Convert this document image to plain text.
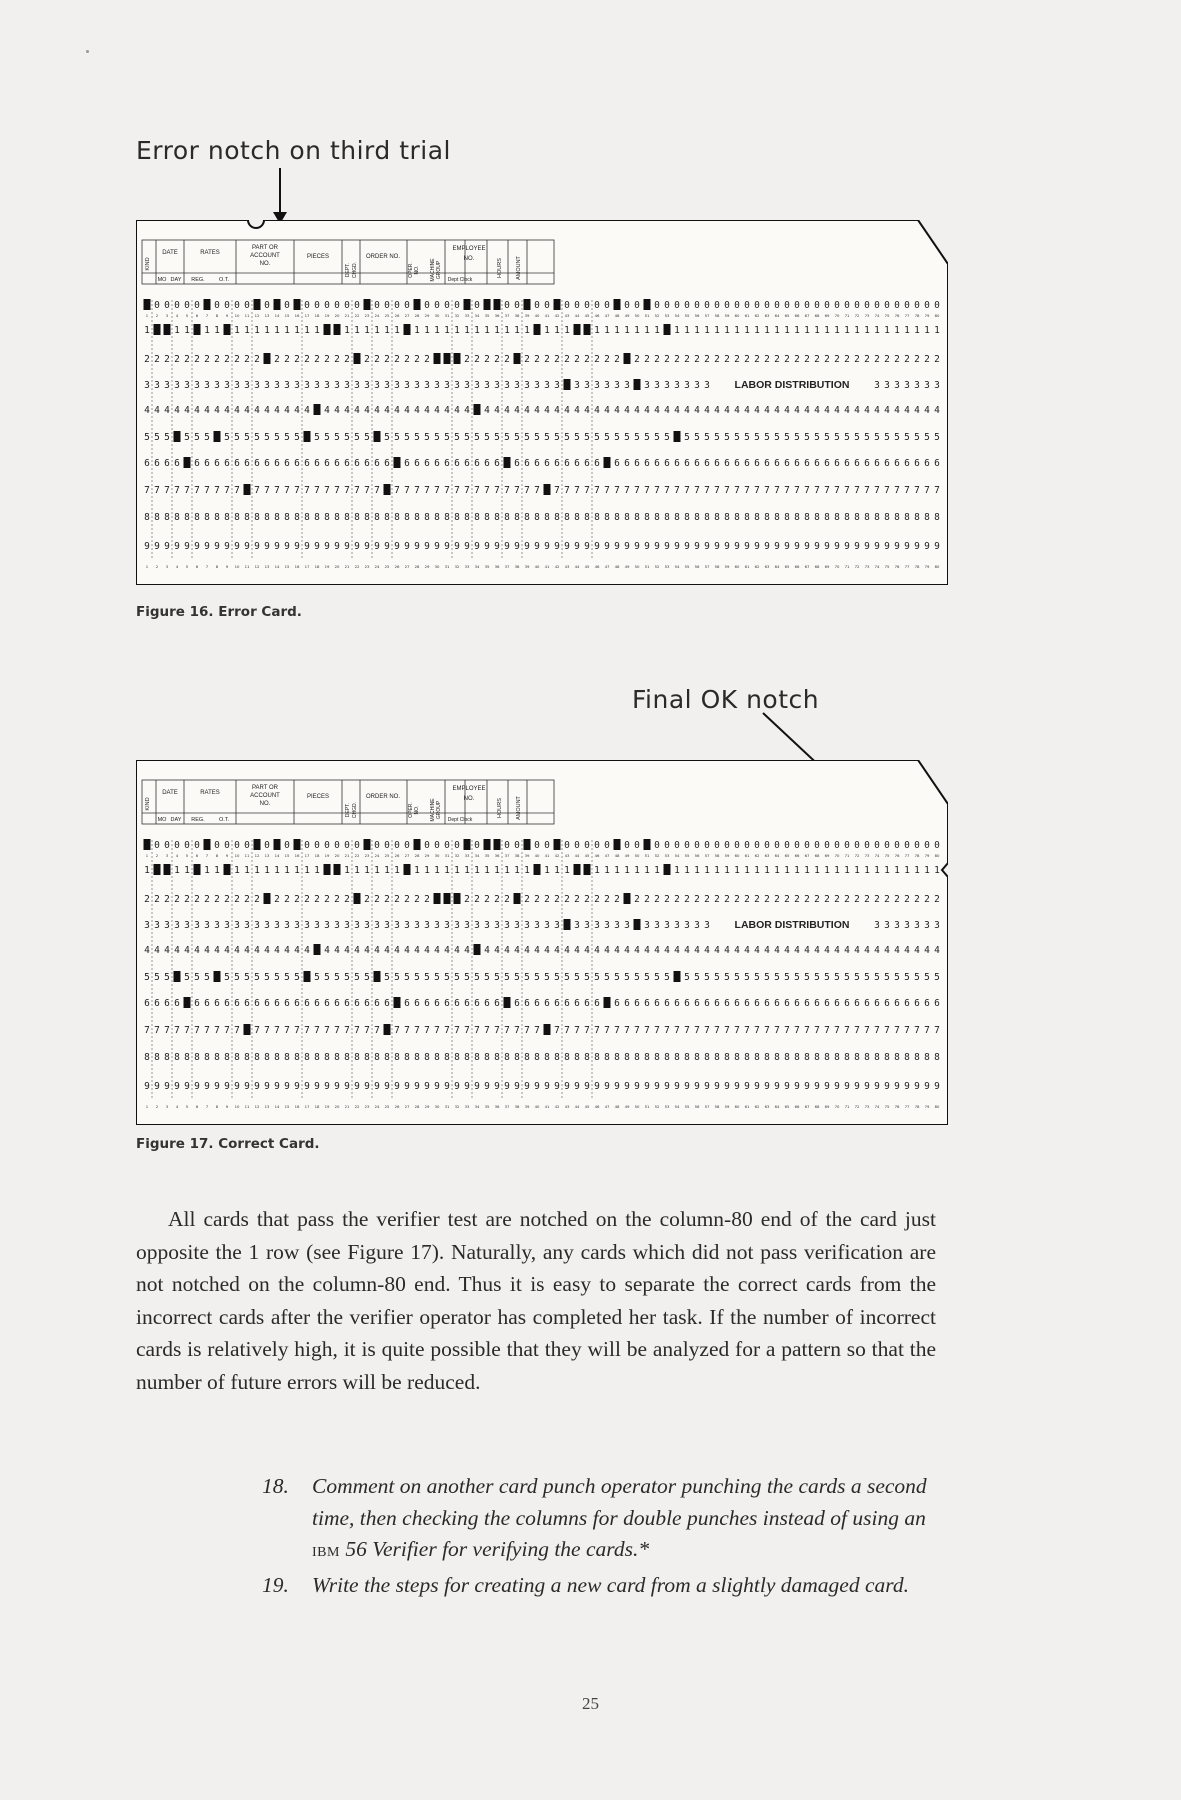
Error notch on third trial
KIND
DATE
MO DAY
RATES
REG.	O.T.
PART OR
ACCOUNT
NO.
PIECES
DEPT. CHGD.
ORDER NO.
OPER. NO. MACHINE GROUP
EMPLOYEE
NO.
Dept Clock
HOURS AMOUNT
0 0 0 0 0 0 0 0 0 0 0 0 0 0 0 0 0 0 0 0 0 0 0 0 0 0	0 0 0 0 0 0 0 0 0 0 0 0 0 0 0 0 0 0 0 0 0 0 0 0 0 0 0 0 0 0 0 0 0 0 0 0 0 0 0 0
1	1 1 1 1 1 1 1 1 1 1 1 1 1	1 1 1 1 1 1 1 1 1 1 1 1 1 1 1 1 1 1 1 1 1	1 1 1 1 1 1 1 1 1 1 1 1 1 1 1 1 1 1 1 1 1 1 1 1 1 1 1 1 1 1 1 1 1 1
2 2 2 2 2 2 2 2 2 2 2 2 2 2 2 2 2 2 2 2 2 2 2 2 2 2 2	2 2 2 2 2 2 2 2 2 2 2 2 2 2 2 2 2 2 2 2 2 2 2 2 2 2 2 2 2 2 2 2 2 2 2 2 2 2 2 2 2 2 2 2 2 2
3 3 3 3 3 3 3 3 3 3 3 3 3 3 3 3 3 3 3 3 3 3 3 3 3 3 3 3 3 3 3 3 3 3 3 3 3 3 3 3 3 3 3 3 3 3 3 3 3 3 3 3 3 3 3	3 3 3 3 3 3 3
4 4 4 4 4 4 4 4 4 4 4 4 4 4 4 4 4 4 4 4 4 4 4 4 4 4 4 4 4 4 4 4 4 4 4 4 4 4 4 4 4 4 4 4 4 4 4 4 4 4 4 4 4 4 4 4 4 4 4 4 4 4 4 4 4 4 4 4 4 4 4 4 4 4 4 4 4 4
5 5 5 5 5 5 5 5 5 5 5 5 5 5 5 5 5 5 5 5 5 5 5 5 5 5 5 5 5 5 5 5 5 5 5 5 5 5 5 5 5 5 5 5 5 5 5 5 5 5 5 5 5 5 5 5 5 5 5 5 5 5 5 5 5 5 5 5 5 5 5 5 5 5 5
6 6 6 6 6 6 6 6 6 6 6 6 6 6 6 6 6 6 6 6 6 6 6 6 6 6 6 6 6 6 6 6 6 6 6 6 6 6 6 6 6 6 6 6 6 6 6 6 6 6 6 6 6 6 6 6 6 6 6 6 6 6 6 6 6 6 6 6 6 6 6 6 6 6 6 6
7 7 7 7 7 7 7 7 7 7 7 7 7 7 7 7 7 7 7 7 7 7 7 7 7 7 7 7 7 7 7 7 7 7 7 7 7 7 7 7 7 7 7 7 7 7 7 7 7 7 7 7 7 7 7 7 7 7 7 7 7 7 7 7 7 7 7 7 7 7 7 7 7 7 7 7 7
8 8 8 8 8 8 8 8 8 8 8 8 8 8 8 8 8 8 8 8 8 8 8 8 8 8 8 8 8 8 8 8 8 8 8 8 8 8 8 8 8 8 8 8 8 8 8 8 8 8 8 8 8 8 8 8 8 8 8 8 8 8 8 8 8 8 8 8 8 8 8 8 8 8 8 8 8 8 8 8
9 9 9 9 9 9 9 9 9 9 9 9 9 9 9 9 9 9 9 9 9 9 9 9 9 9 9 9 9 9 9 9 9 9 9 9 9 9 9 9 9 9 9 9 9 9 9 9 9 9 9 9 9 9 9 9 9 9 9 9 9 9 9 9 9 9 9 9 9 9 9 9 9 9 9 9 9 9 9 9
LABOR DISTRIBUTION
1 2 3 4 5 6 7 8 9 10 11 12 13 14 15 16 17 18 19 20 21 22 23 24 25 26 27 28 29 30 31 32 33 34 35 36 37 38 39 40 41 42 43 44 45 46 47 48 49 50 51 52 53 54 55 56 57 58 59 60 61 62 63 64 65 66 67 68 69 70 71 72 73 74 75 76 77 78 79 80
1 2 3 4 5 6 7 8 9 10 11 12 13 14 15 16 17 18 19 20 21 22 23 24 25 26 27 28 29 30 31 32 33 34 35 36 37 38 39 40 41 42 43 44 45 46 47 48 49 50 51 52 53 54 55 56 57 58 59 60 61 62 63 64 65 66 67 68 69 70 71 72 73 74 75 76 77 78 79 80
Figure 16. Error Card.
Final OK notch
KIND
DATE
MO DAY
RATES
REG.	O.T.
PART OR
ACCOUNT
NO.
PIECES
DEPT. CHGD.
ORDER NO.
OPER. NO. MACHINE GROUP
EMPLOYEE
NO.
Dept Clock
HOURS AMOUNT
0 0 0 0 0 0 0 0 0 0 0 0 0 0 0 0 0 0 0 0 0 0 0 0 0 0	0 0 0 0 0 0 0 0 0 0 0 0 0 0 0 0 0 0 0 0 0 0 0 0 0 0 0 0 0 0 0 0 0 0 0 0 0 0 0 0
1	1 1 1 1 1 1 1 1 1 1 1 1 1	1 1 1 1 1 1 1 1 1 1 1 1 1 1 1 1 1 1 1 1 1	1 1 1 1 1 1 1 1 1 1 1 1 1 1 1 1 1 1 1 1 1 1 1 1 1 1 1 1 1 1 1 1 1 1
2 2 2 2 2 2 2 2 2 2 2 2 2 2 2 2 2 2 2 2 2 2 2 2 2 2 2	2 2 2 2 2 2 2 2 2 2 2 2 2 2 2 2 2 2 2 2 2 2 2 2 2 2 2 2 2 2 2 2 2 2 2 2 2 2 2 2 2 2 2 2 2 2
3 3 3 3 3 3 3 3 3 3 3 3 3 3 3 3 3 3 3 3 3 3 3 3 3 3 3 3 3 3 3 3 3 3 3 3 3 3 3 3 3 3 3 3 3 3 3 3 3 3 3 3 3 3 3	3 3 3 3 3 3 3
4 4 4 4 4 4 4 4 4 4 4 4 4 4 4 4 4 4 4 4 4 4 4 4 4 4 4 4 4 4 4 4 4 4 4 4 4 4 4 4 4 4 4 4 4 4 4 4 4 4 4 4 4 4 4 4 4 4 4 4 4 4 4 4 4 4 4 4 4 4 4 4 4 4 4 4 4 4
5 5 5 5 5 5 5 5 5 5 5 5 5 5 5 5 5 5 5 5 5 5 5 5 5 5 5 5 5 5 5 5 5 5 5 5 5 5 5 5 5 5 5 5 5 5 5 5 5 5 5 5 5 5 5 5 5 5 5 5 5 5 5 5 5 5 5 5 5 5 5 5 5 5 5
6 6 6 6 6 6 6 6 6 6 6 6 6 6 6 6 6 6 6 6 6 6 6 6 6 6 6 6 6 6 6 6 6 6 6 6 6 6 6 6 6 6 6 6 6 6 6 6 6 6 6 6 6 6 6 6 6 6 6 6 6 6 6 6 6 6 6 6 6 6 6 6 6 6 6 6
7 7 7 7 7 7 7 7 7 7 7 7 7 7 7 7 7 7 7 7 7 7 7 7 7 7 7 7 7 7 7 7 7 7 7 7 7 7 7 7 7 7 7 7 7 7 7 7 7 7 7 7 7 7 7 7 7 7 7 7 7 7 7 7 7 7 7 7 7 7 7 7 7 7 7 7 7
8 8 8 8 8 8 8 8 8 8 8 8 8 8 8 8 8 8 8 8 8 8 8 8 8 8 8 8 8 8 8 8 8 8 8 8 8 8 8 8 8 8 8 8 8 8 8 8 8 8 8 8 8 8 8 8 8 8 8 8 8 8 8 8 8 8 8 8 8 8 8 8 8 8 8 8 8 8 8 8
9 9 9 9 9 9 9 9 9 9 9 9 9 9 9 9 9 9 9 9 9 9 9 9 9 9 9 9 9 9 9 9 9 9 9 9 9 9 9 9 9 9 9 9 9 9 9 9 9 9 9 9 9 9 9 9 9 9 9 9 9 9 9 9 9 9 9 9 9 9 9 9 9 9 9 9 9 9 9 9
LABOR DISTRIBUTION
1 2 3 4 5 6 7 8 9 10 11 12 13 14 15 16 17 18 19 20 21 22 23 24 25 26 27 28 29 30 31 32 33 34 35 36 37 38 39 40 41 42 43 44 45 46 47 48 49 50 51 52 53 54 55 56 57 58 59 60 61 62 63 64 65 66 67 68 69 70 71 72 73 74 75 76 77 78 79 80
1 2 3 4 5 6 7 8 9 10 11 12 13 14 15 16 17 18 19 20 21 22 23 24 25 26 27 28 29 30 31 32 33 34 35 36 37 38 39 40 41 42 43 44 45 46 47 48 49 50 51 52 53 54 55 56 57 58 59 60 61 62 63 64 65 66 67 68 69 70 71 72 73 74 75 76 77 78 79 80
Figure 17. Correct Card.

All cards that pass the verifier test are notched on the column-80 end of the card just opposite the 1 row (see Figure 17). Naturally, any cards which did not pass verification are not notched on the column-80 end. Thus it is easy to separate the correct cards from the incorrect cards after the verifier operator has completed her task. If the number of incorrect cards is relatively high, it is quite possible that they will be analyzed for a pattern so that the number of future errors will be reduced.

18. Comment on another card punch operator punching the cards a second time, then checking the columns for double punches instead of using an IBM 56 Verifier for verifying the cards.*
19. Write the steps for creating a new card from a slightly damaged card.
25
